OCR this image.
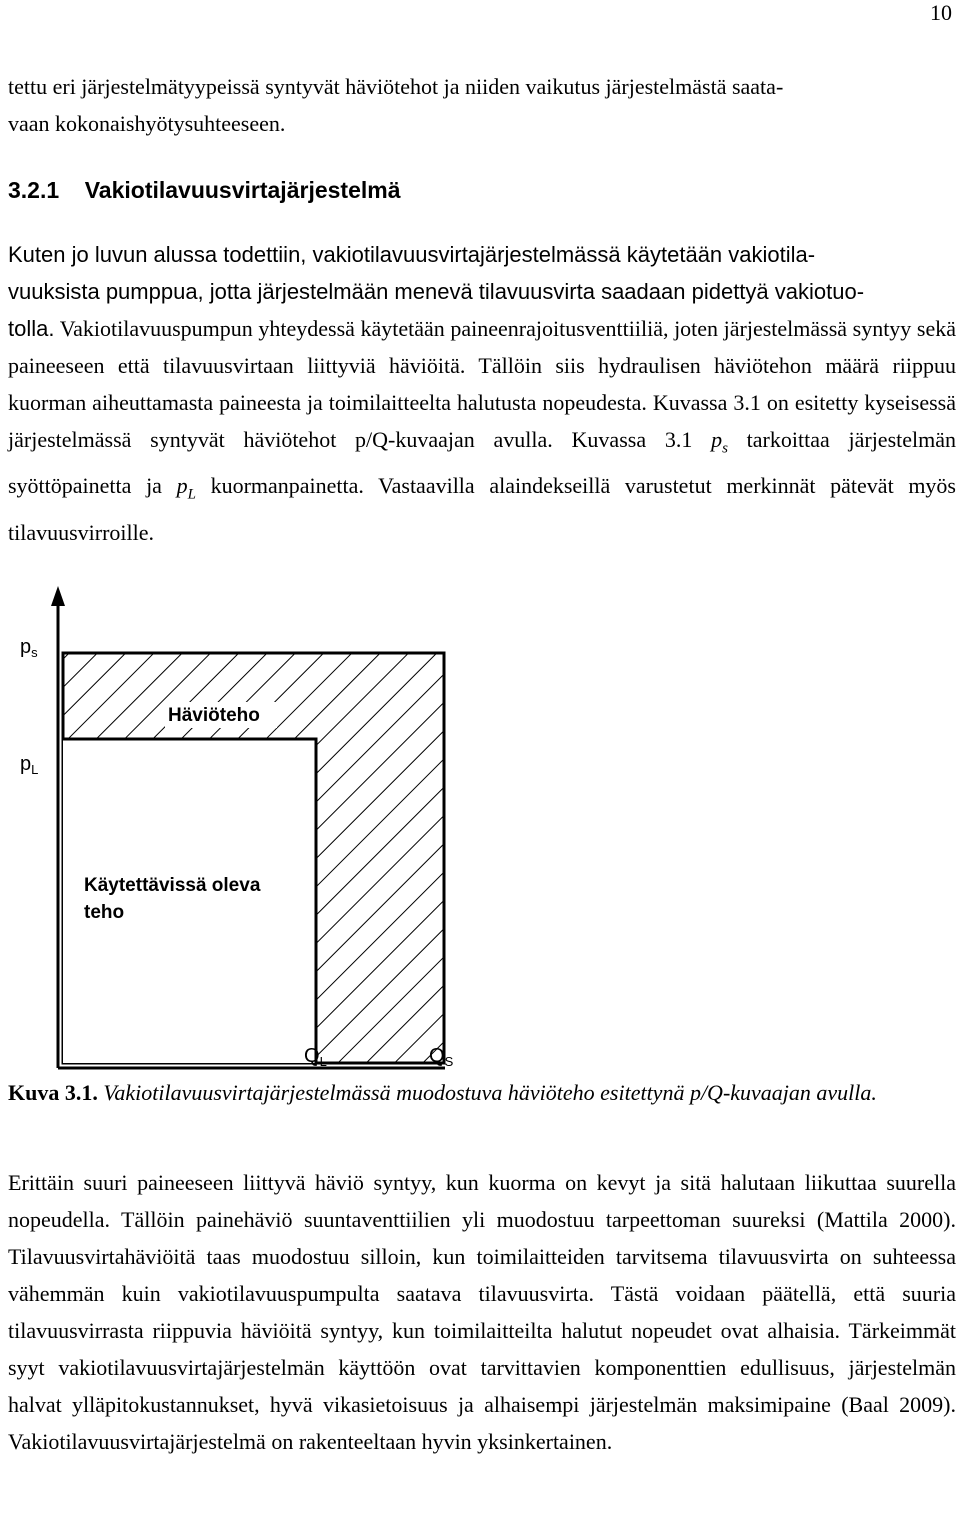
10
tettu eri järjestelmätyypeissä syntyvät häviötehot ja niiden vaikutus järjestelmästä saata-
vaan kokonaishyötysuhteeseen.
3.2.1 Vakiotilavuusvirtajärjestelmä
Kuten jo luvun alussa todettiin, vakiotilavuusvirtajärjestelmässä käytetään vakiotila-
vuuksista pumppua, jotta järjestelmään menevä tilavuusvirta saadaan pidettyä vakiotuo-
tolla. Vakiotilavuuspumpun yhteydessä käytetään paineenrajoitusventtiiliä, joten järjestelmässä syntyy sekä paineeseen että tilavuusvirtaan liittyviä häviöitä. Tällöin siis hydraulisen häviötehon määrä riippuu kuorman aiheuttamasta paineesta ja toimilaitteelta halutusta nopeudesta. Kuvassa 3.1 on esitetty kyseisessä järjestelmässä syntyvät häviötehot p/Q-kuvaajan avulla. Kuvassa 3.1 $p_s$ tarkoittaa järjestelmän syöttöpainetta ja $p_L$ kuormanpainetta. Vastaavilla alaindekseillä varustetut merkinnät pätevät myös tilavuusvirroille.
$p_s$
$p_L$
$Q_L$	$Q_S$
Häviöteho
Käytettävissä oleva
teho
Kuva 3.1. Vakiotilavuusvirtajärjestelmässä muodostuva häviöteho esitettynä p/Q-kuvaajan avulla.
Erittäin suuri paineeseen liittyvä häviö syntyy, kun kuorma on kevyt ja sitä halutaan liikuttaa suurella nopeudella. Tällöin painehäviö suuntaventtiilien yli muodostuu tarpeettoman suureksi (Mattila 2000). Tilavuusvirtahäviöitä taas muodostuu silloin, kun toimilaitteiden tarvitsema tilavuusvirta on suhteessa vähemmän kuin vakiotilavuuspumpulta saatava tilavuusvirta. Tästä voidaan päätellä, että suuria tilavuusvirrasta riippuvia häviöitä syntyy, kun toimilaitteilta halutut nopeudet ovat alhaisia. Tärkeimmät syyt vakiotilavuusvirtajärjestelmän käyttöön ovat tarvittavien komponenttien edullisuus, järjestelmän halvat ylläpitokustannukset, hyvä vikasietoisuus ja alhaisempi järjestelmän maksimipaine (Baal 2009). Vakiotilavuusvirtajärjestelmä on rakenteeltaan hyvin yksinkertainen.
